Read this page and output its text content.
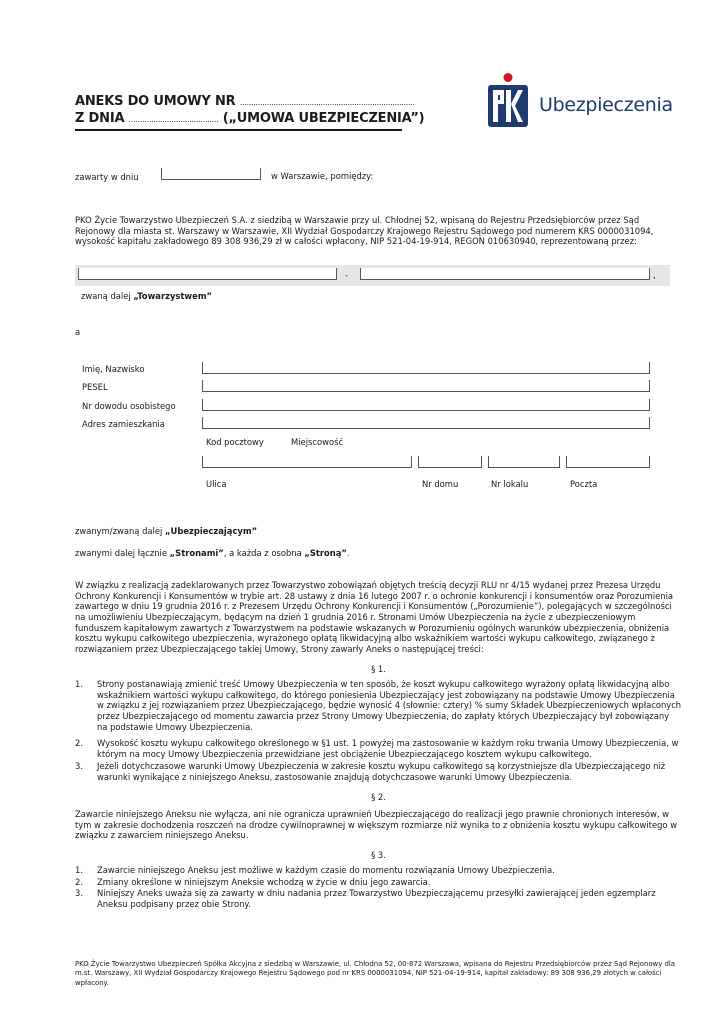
ANEKS DO UMOWY NR ..............................................................................
Z DNIA ........................................ („UMOWA UBEZPIECZENIA”)
Ubezpieczenia
zawarty w dniu	w Warszawie, pomiędzy:
PKO Życie Towarzystwo Ubezpieczeń S.A. z siedzibą w Warszawie przy ul. Chłodnej 52, wpisaną do Rejestru Przedsiębiorców przez Sąd Rejonowy dla miasta st. Warszawy w Warszawie, XII Wydział Gospodarczy Krajowego Rejestru Sądowego pod numerem KRS 0000031094, wysokość kapitału zakładowego 89 308 936,29 zł w całości wpłacony, NIP 521-04-19-914, REGON 010630940, reprezentowaną przez:
-	,
zwaną dalej „Towarzystwem”
a
Imię, Nazwisko
PESEL
Nr dowodu osobistego
Adres zamieszkania
Kod pocztowy	Miejscowość
Ulica	Nr domu	Nr lokalu	Poczta
zwanym/zwaną dalej „Ubezpieczającym”
zwanymi dalej łącznie „Stronami”, a każda z osobna „Stroną”.
W związku z realizacją zadeklarowanych przez Towarzystwo zobowiązań objętych treścią decyzji RLU nr 4/15 wydanej przez Prezesa Urzędu Ochrony Konkurencji i Konsumentów w trybie art. 28 ustawy z dnia 16 lutego 2007 r. o ochronie konkurencji i konsumentów oraz Porozumienia zawartego w dniu 19 grudnia 2016 r. z Prezesem Urzędu Ochrony Konkurencji i Konsumentów („Porozumienie”), polegających w szczególności na umożliwieniu Ubezpieczającym, będącym na dzień 1 grudnia 2016 r. Stronami Umów Ubezpieczenia na życie z ubezpieczeniowym funduszem kapitałowym zawartych z Towarzystwem na podstawie wskazanych w Porozumieniu ogólnych warunków ubezpieczenia, obniżenia kosztu wykupu całkowitego ubezpieczenia, wyrażonego opłatą likwidacyjną albo wskaźnikiem wartości wykupu całkowitego, związanego z rozwiązaniem przez Ubezpieczającego takiej Umowy, Strony zawarły Aneks o następującej treści:
§ 1.
1. Strony postanawiają zmienić treść Umowy Ubezpieczenia w ten sposób, że koszt wykupu całkowitego wyrażony opłatą likwidacyjną albo wskaźnikiem wartości wykupu całkowitego, do którego poniesienia Ubezpieczający jest zobowiązany na podstawie Umowy Ubezpieczenia w związku z jej rozwiązaniem przez Ubezpieczającego, będzie wynosić 4 (słownie: cztery) % sumy Składek Ubezpieczeniowych wpłaconych przez Ubezpieczającego od momentu zawarcia przez Strony Umowy Ubezpieczenia, do zapłaty których Ubezpieczający był zobowiązany na podstawie Umowy Ubezpieczenia.
2. Wysokość kosztu wykupu całkowitego określonego w §1 ust. 1 powyżej ma zastosowanie w każdym roku trwania Umowy Ubezpieczenia, w którym na mocy Umowy Ubezpieczenia przewidziane jest obciążenie Ubezpieczającego kosztem wykupu całkowitego.
3. Jeżeli dotychczasowe warunki Umowy Ubezpieczenia w zakresie kosztu wykupu całkowitego są korzystniejsze dla Ubezpieczającego niż warunki wynikające z niniejszego Aneksu, zastosowanie znajdują dotychczasowe warunki Umowy Ubezpieczenia.
§ 2.
Zawarcie niniejszego Aneksu nie wyłącza, ani nie ogranicza uprawnień Ubezpieczającego do realizacji jego prawnie chronionych interesów, w tym w zakresie dochodzenia roszczeń na drodze cywilnoprawnej w większym rozmiarze niż wynika to z obniżenia kosztu wykupu całkowitego w związku z zawarciem niniejszego Aneksu.
§ 3.
1. Zawarcie niniejszego Aneksu jest możliwe w każdym czasie do momentu rozwiązania Umowy Ubezpieczenia.
2. Zmiany określone w niniejszym Aneksie wchodzą w życie w dniu jego zawarcia.
3. Niniejszy Aneks uważa się za zawarty w dniu nadania przez Towarzystwo Ubezpieczającemu przesyłki zawierającej jeden egzemplarz Aneksu podpisany przez obie Strony.
PKO Życie Towarzystwo Ubezpieczeń Spółka Akcyjna z siedzibą w Warszawie, ul. Chłodna 52, 00-872 Warszawa, wpisana do Rejestru Przedsiębiorców przez Sąd Rejonowy dla m.st. Warszawy, XII Wydział Gospodarczy Krajowego Rejestru Sądowego pod nr KRS 0000031094, NIP 521-04-19-914, kapitał zakładowy: 89 308 936,29 złotych w całości wpłacony.
